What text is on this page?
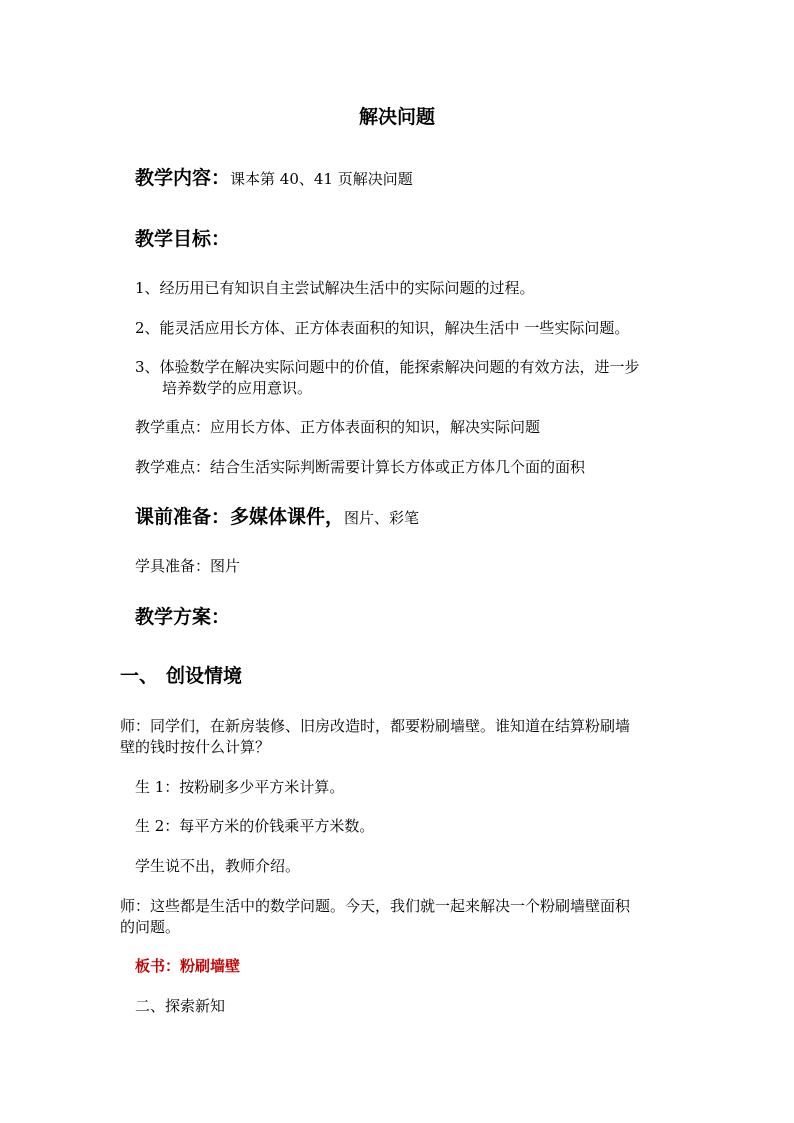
解决问题
教学内容：课本第 40、41 页解决问题
教学目标：
1、经历用已有知识自主尝试解决生活中的实际问题的过程。
2、能灵活应用长方体、正方体表面积的知识，解决生活中 一些实际问题。
3、体验数学在解决实际问题中的价值，能探索解决问题的有效方法，进一步
培养数学的应用意识。
教学重点：应用长方体、正方体表面积的知识，解决实际问题
教学难点：结合生活实际判断需要计算长方体或正方体几个面的面积
课前准备：多媒体课件，图片、彩笔
学具准备：图片
教学方案：
一、 创设情境
师：同学们，在新房装修、旧房改造时，都要粉刷墙壁。谁知道在结算粉刷墙
壁的钱时按什么计算？
生 1：按粉刷多少平方米计算。
生 2：每平方米的价钱乘平方米数。
学生说不出，教师介绍。
师：这些都是生活中的数学问题。今天，我们就一起来解决一个粉刷墙壁面积
的问题。
板书：粉刷墙壁
二、探索新知
